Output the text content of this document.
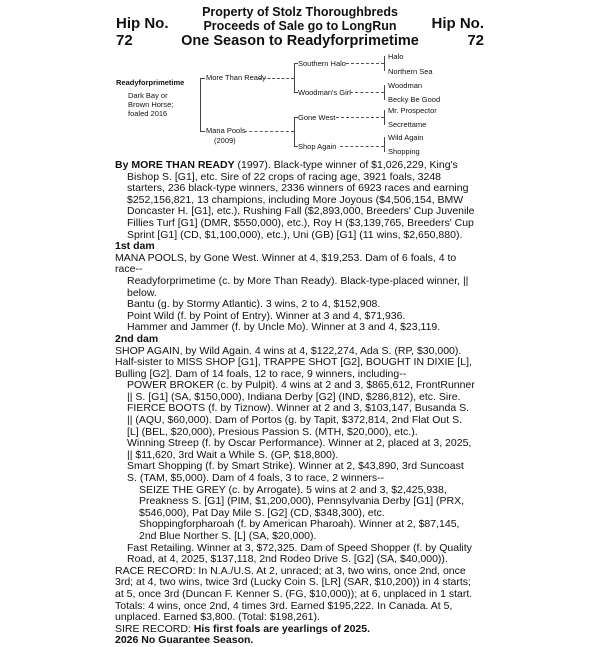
Hip No.
72
Hip No.
72
Property of Stolz Thoroughbreds
Proceeds of Sale go to LongRun
One Season to Readyforprimetime
Readyforprimetime
Dark Bay or
Brown Horse;
foaled 2016
More Than Ready
Mana Pools
(2009)
Southern Halo
Woodman's Girl
Gone West
Shop Again
Halo
Northern Sea
Woodman
Becky Be Good
Mr. Prospector
Secrettame
Wild Again
Shopping

By MORE THAN READY (1997). Black-type winner of $1,026,229, King's Bishop S. [G1], etc. Sire of 22 crops of racing age, 3921 foals, 3248 starters, 236 black-type winners, 2336 winners of 6923 races and earning $252,156,821, 13 champions, including More Joyous ($4,506,154, BMW Doncaster H. [G1], etc.), Rushing Fall ($2,893,000, Breeders' Cup Juvenile Fillies Turf [G1] (DMR, $550,000), etc.), Roy H ($3,139,765, Breeders' Cup Sprint [G1] (CD, $1,100,000), etc.), Uni (GB) [G1] (11 wins, $2,650,880).

1st dam

MANA POOLS, by Gone West. Winner at 4, $19,253. Dam of 6 foals, 4 to race--

Readyforprimetime (c. by More Than Ready). Black-type-placed winner, || below.

Bantu (g. by Stormy Atlantic). 3 wins, 2 to 4, $152,908.

Point Wild (f. by Point of Entry). Winner at 3 and 4, $71,936.

Hammer and Jammer (f. by Uncle Mo). Winner at 3 and 4, $23,119.

2nd dam

SHOP AGAIN, by Wild Again. 4 wins at 4, $122,274, Ada S. (RP, $30,000). Half-sister to MISS SHOP [G1], TRAPPE SHOT [G2], BOUGHT IN DIXIE [L], Bulling [G2]. Dam of 14 foals, 12 to race, 9 winners, including--

POWER BROKER (c. by Pulpit). 4 wins at 2 and 3, $865,612, FrontRunner || S. [G1] (SA, $150,000), Indiana Derby [G2] (IND, $286,812), etc. Sire.

FIERCE BOOTS (f. by Tiznow). Winner at 2 and 3, $103,147, Busanda S. || (AQU, $60,000). Dam of Portos (g. by Tapit, $372,814, 2nd Flat Out S. [L] (BEL, $20,000), Presious Passion S. (MTH, $20,000), etc.).

Winning Streep (f. by Oscar Performance). Winner at 2, placed at 3, 2025, || $11,620, 3rd Wait a While S. (GP, $18,800).

Smart Shopping (f. by Smart Strike). Winner at 2, $43,890, 3rd Suncoast S. (TAM, $5,000). Dam of 4 foals, 3 to race, 2 winners--

SEIZE THE GREY (c. by Arrogate). 5 wins at 2 and 3, $2,425,938, Preakness S. [G1] (PIM, $1,200,000), Pennsylvania Derby [G1] (PRX, $546,000), Pat Day Mile S. [G2] (CD, $348,300), etc.

Shoppingforpharoah (f. by American Pharoah). Winner at 2, $87,145, 2nd Blue Norther S. [L] (SA, $20,000).

Fast Retailing. Winner at 3, $72,325. Dam of Speed Shopper (f. by Quality Road, at 4, 2025, $137,118, 2nd Rodeo Drive S. [G2] (SA, $40,000)).

RACE RECORD: In N.A./U.S. At 2, unraced; at 3, two wins, once 2nd, once 3rd; at 4, two wins, twice 3rd (Lucky Coin S. [LR] (SAR, $10,200)) in 4 starts; at 5, once 3rd (Duncan F. Kenner S. (FG, $10,000)); at 6, unplaced in 1 start. Totals: 4 wins, once 2nd, 4 times 3rd. Earned $195,222. In Canada. At 5, unplaced. Earned $3,800. (Total: $198,261).

SIRE RECORD: His first foals are yearlings of 2025.

2026 No Guarantee Season.
